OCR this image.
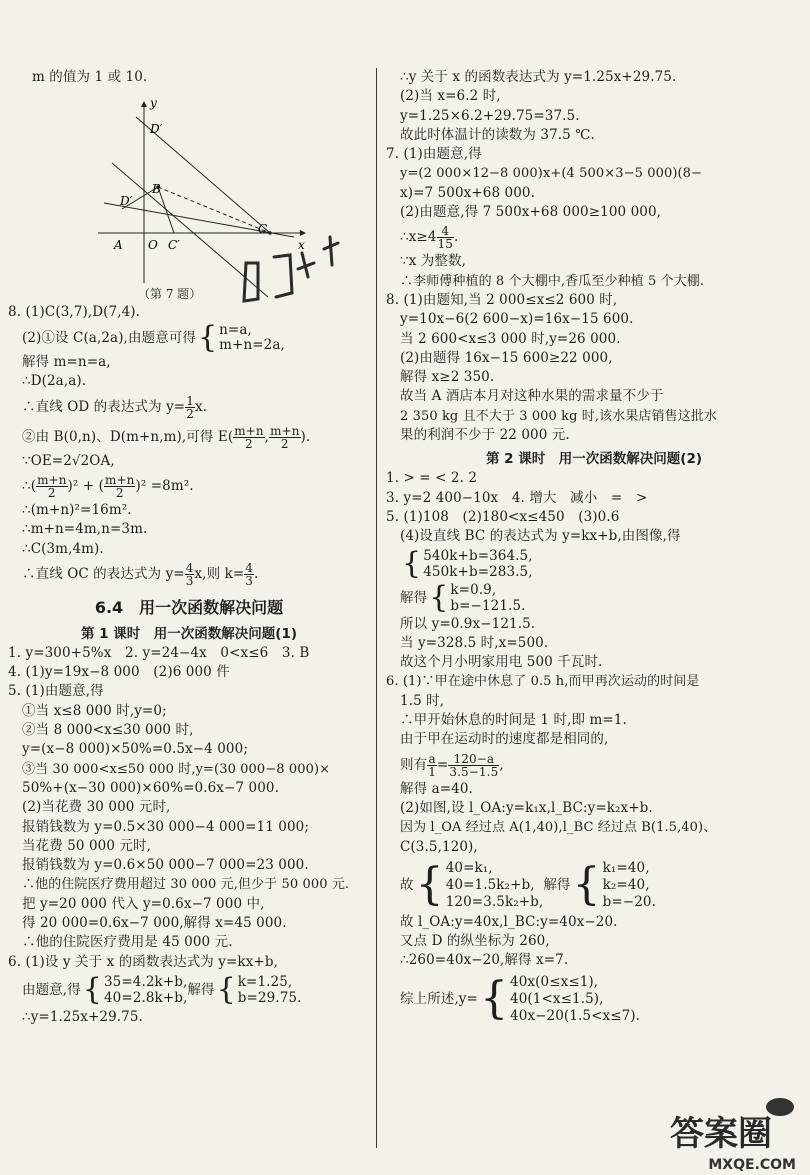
m 的值为 1 或 10.
y
x
D′
D′
B
A O C′
C
（第 7 题）
8. (1)C(3,7),D(7,4).
(2)①设 C(a,2a),由题意可得{ n=a,
m+n=2a,
解得 m=n=a,
∴D(2a,a).
∴直线 OD 的表达式为 $y= \frac{1}{2} x$.
②由 B(0,n)、D(m+n,m),可得 $E( \frac{m+n}{2}$ , $\frac{m+n}{2}$ ).
∵OE=2√2OA,
∴( $\frac{m+n}{2} )^2$ + ( $\frac{m+n}{2} )^2 =8m^2$.
∴(m+n)²=16m².
∴m+n=4m,n=3m.
∴C(3m,4m).
∴直线 OC 的表达式为 $y= \frac{4}{3} x$,则 $k= \frac{4}{3}$ .
6.4　用一次函数解决问题
第 1 课时　用一次函数解决问题(1)
1. y=300+5%x　2. y=24−4x　0<x≤6　3. B
4. (1)y=19x−8 000　(2)6 000 件
5. (1)由题意,得
①当 x≤8 000 时,y=0;
②当 8 000<x≤30 000 时,
y=(x−8 000)×50%=0.5x−4 000;
③当 30 000<x≤50 000 时,y=(30 000−8 000)×
50%+(x−30 000)×60%=0.6x−7 000.
(2)当花费 30 000 元时,
报销钱数为 y=0.5×30 000−4 000=11 000;
当花费 50 000 元时,
报销钱数为 y=0.6×50 000−7 000=23 000.
∴他的住院医疗费用超过 30 000 元,但少于 50 000 元.
把 y=20 000 代入 y=0.6x−7 000 中,
得 20 000=0.6x−7 000,解得 x=45 000.
∴他的住院医疗费用是 45 000 元.
6. (1)设 y 关于 x 的函数表达式为 y=kx+b,
由题意,得{ 35=4.2k+b,
40=2.8k+b,
解得{ k=1.25,
b=29.75.
∴y=1.25x+29.75.
∴y 关于 x 的函数表达式为 y=1.25x+29.75.
(2)当 x=6.2 时,
y=1.25×6.2+29.75=37.5.
故此时体温计的读数为 37.5 ℃.
7. (1)由题意,得
y=(2 000×12−8 000)x+(4 500×3−5 000)(8−
x)=7 500x+68 000.
(2)由题意,得 7 500x+68 000≥100 000,
∴x≥4 $\frac{4}{15}$ .
∵x 为整数,
∴李师傅种植的 8 个大棚中,香瓜至少种植 5 个大棚.
8. (1)由题知,当 2 000≤x≤2 600 时,
y=10x−6(2 600−x)=16x−15 600.
当 2 600<x≤3 000 时,y=26 000.
(2)由题得 16x−15 600≥22 000,
解得 x≥2 350.
故当 A 酒店本月对这种水果的需求量不少于
2 350 kg 且不大于 3 000 kg 时,该水果店销售这批水
果的利润不少于 22 000 元.
第 2 课时　用一次函数解决问题(2)
1. > = < 2. 2
3. y=2 400−10x　4. 增大　减小　=　>
5. (1)108　(2)180<x≤450　(3)0.6
(4)设直线 BC 的表达式为 y=kx+b,由图像,得
{ 540k+b=364.5,
450k+b=283.5,
解得{ k=0.9,
b=−121.5.
所以 y=0.9x−121.5.
当 y=328.5 时,x=500.
故这个月小明家用电 500 千瓦时.
6. (1)∵甲在途中休息了 0.5 h,而甲再次运动的时间是
1.5 时,
∴甲开始休息的时间是 1 时,即 m=1.
由于甲在运动时的速度都是相同的,
则有 $\frac{a}{1} = \frac{120-a}{3.5-1.5}$ ,
解得 a=40.
(2)如图,设 l_OA:y=k₁x,l_BC:y=k₂x+b.
因为 l_OA 经过点 A(1,40),l_BC 经过点 B(1.5,40)、
C(3.5,120),
故{ 40=k₁,
40=1.5k₂+b,
120=3.5k₂+b,
解得{ k₁=40,
k₂=40,
b=−20.
故 l_OA:y=40x,l_BC:y=40x−20.
又点 D 的纵坐标为 260,
∴260=40x−20,解得 x=7.
综上所述,y={ 40x(0≤x≤1),
40(1<x≤1.5),
40x−20(1.5<x≤7).
答案圈
MXQE.COM
